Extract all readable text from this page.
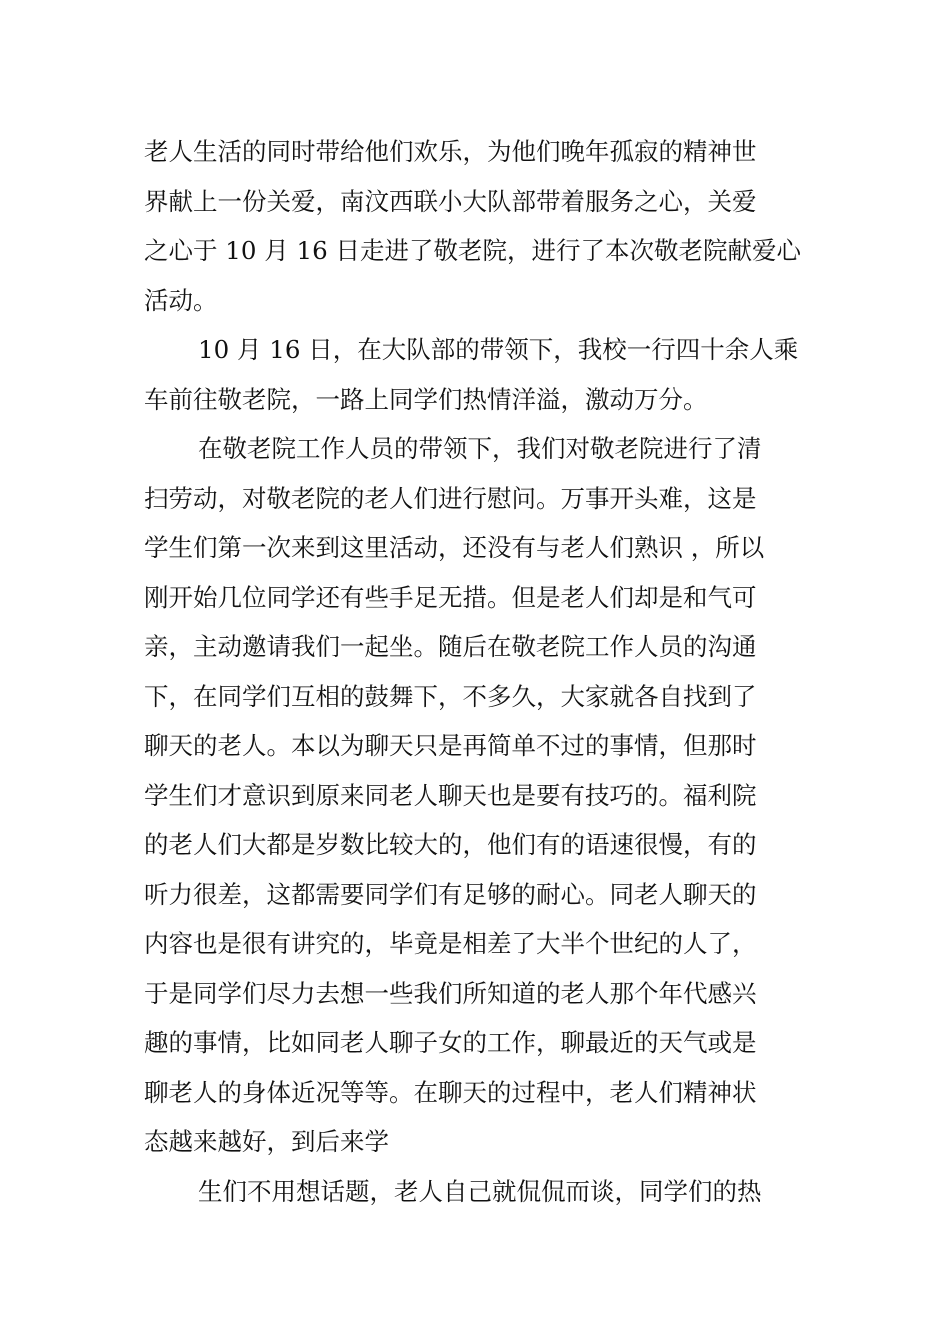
老人生活的同时带给他们欢乐，为他们晚年孤寂的精神世
界献上一份关爱，南汶西联小大队部带着服务之心，关爱
之心于 10 月 16 日走进了敬老院，进行了本次敬老院献爱心
活动。
10 月 16 日，在大队部的带领下，我校一行四十余人乘
车前往敬老院，一路上同学们热情洋溢，激动万分。
在敬老院工作人员的带领下，我们对敬老院进行了清
扫劳动，对敬老院的老人们进行慰问。万事开头难，这是
学生们第一次来到这里活动，还没有与老人们熟识 ，所以
刚开始几位同学还有些手足无措。但是老人们却是和气可
亲，主动邀请我们一起坐。随后在敬老院工作人员的沟通
下，在同学们互相的鼓舞下，不多久，大家就各自找到了
聊天的老人。本以为聊天只是再简单不过的事情，但那时
学生们才意识到原来同老人聊天也是要有技巧的。福利院
的老人们大都是岁数比较大的，他们有的语速很慢，有的
听力很差，这都需要同学们有足够的耐心。同老人聊天的
内容也是很有讲究的，毕竟是相差了大半个世纪的人了，
于是同学们尽力去想一些我们所知道的老人那个年代感兴
趣的事情，比如同老人聊子女的工作，聊最近的天气或是
聊老人的身体近况等等。在聊天的过程中，老人们精神状
态越来越好，到后来学
生们不用想话题，老人自己就侃侃而谈，同学们的热
